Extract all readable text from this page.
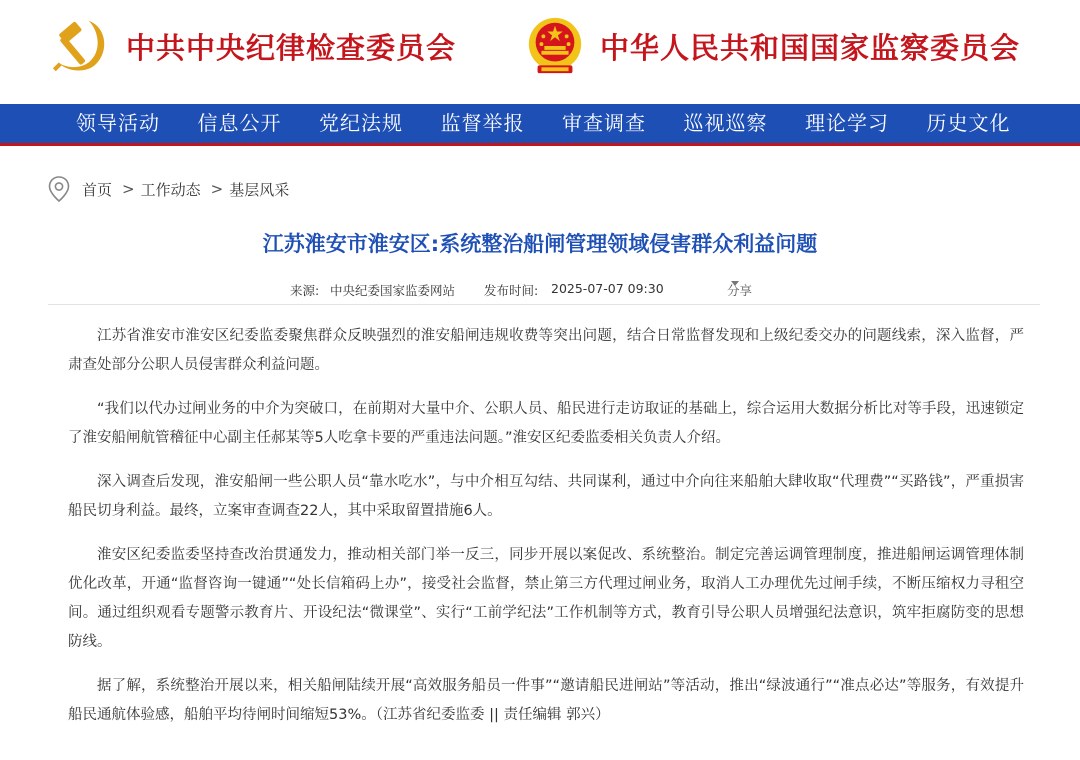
中共中央纪律检查委员会	中华人民共和国国家监察委员会
领导活动	信息公开	党纪法规	监督举报	审查调查	巡视巡察	理论学习	历史文化
首页 > 工作动态 > 基层风采
江苏淮安市淮安区:系统整治船闸管理领域侵害群众利益问题
来源: 中央纪委国家监委网站 发布时间: 2025-07-07 09:30	分享

江苏省淮安市淮安区纪委监委聚焦群众反映强烈的淮安船闸违规收费等突出问题，结合日常监督发现和上级纪委交办的问题线索，深入监督，严肃查处部分公职人员侵害群众利益问题。

“我们以代办过闸业务的中介为突破口，在前期对大量中介、公职人员、船民进行走访取证的基础上，综合运用大数据分析比对等手段，迅速锁定了淮安船闸航管稽征中心副主任郝某等5人吃拿卡要的严重违法问题。”淮安区纪委监委相关负责人介绍。

深入调查后发现，淮安船闸一些公职人员“靠水吃水”，与中介相互勾结、共同谋利，通过中介向往来船舶大肆收取“代理费”“买路钱”，严重损害船民切身利益。最终，立案审查调查22人，其中采取留置措施6人。

淮安区纪委监委坚持查改治贯通发力，推动相关部门举一反三，同步开展以案促改、系统整治。制定完善运调管理制度，推进船闸运调管理体制优化改革，开通“监督咨询一键通”“处长信箱码上办”，接受社会监督，禁止第三方代理过闸业务，取消人工办理优先过闸手续，不断压缩权力寻租空间。通过组织观看专题警示教育片、开设纪法“微课堂”、实行“工前学纪法”工作机制等方式，教育引导公职人员增强纪法意识，筑牢拒腐防变的思想防线。

据了解，系统整治开展以来，相关船闸陆续开展“高效服务船员一件事”“邀请船民进闸站”等活动，推出“绿波通行”“准点必达”等服务，有效提升船民通航体验感，船舶平均待闸时间缩短53%。（江苏省纪委监委 || 责任编辑 郭兴）
